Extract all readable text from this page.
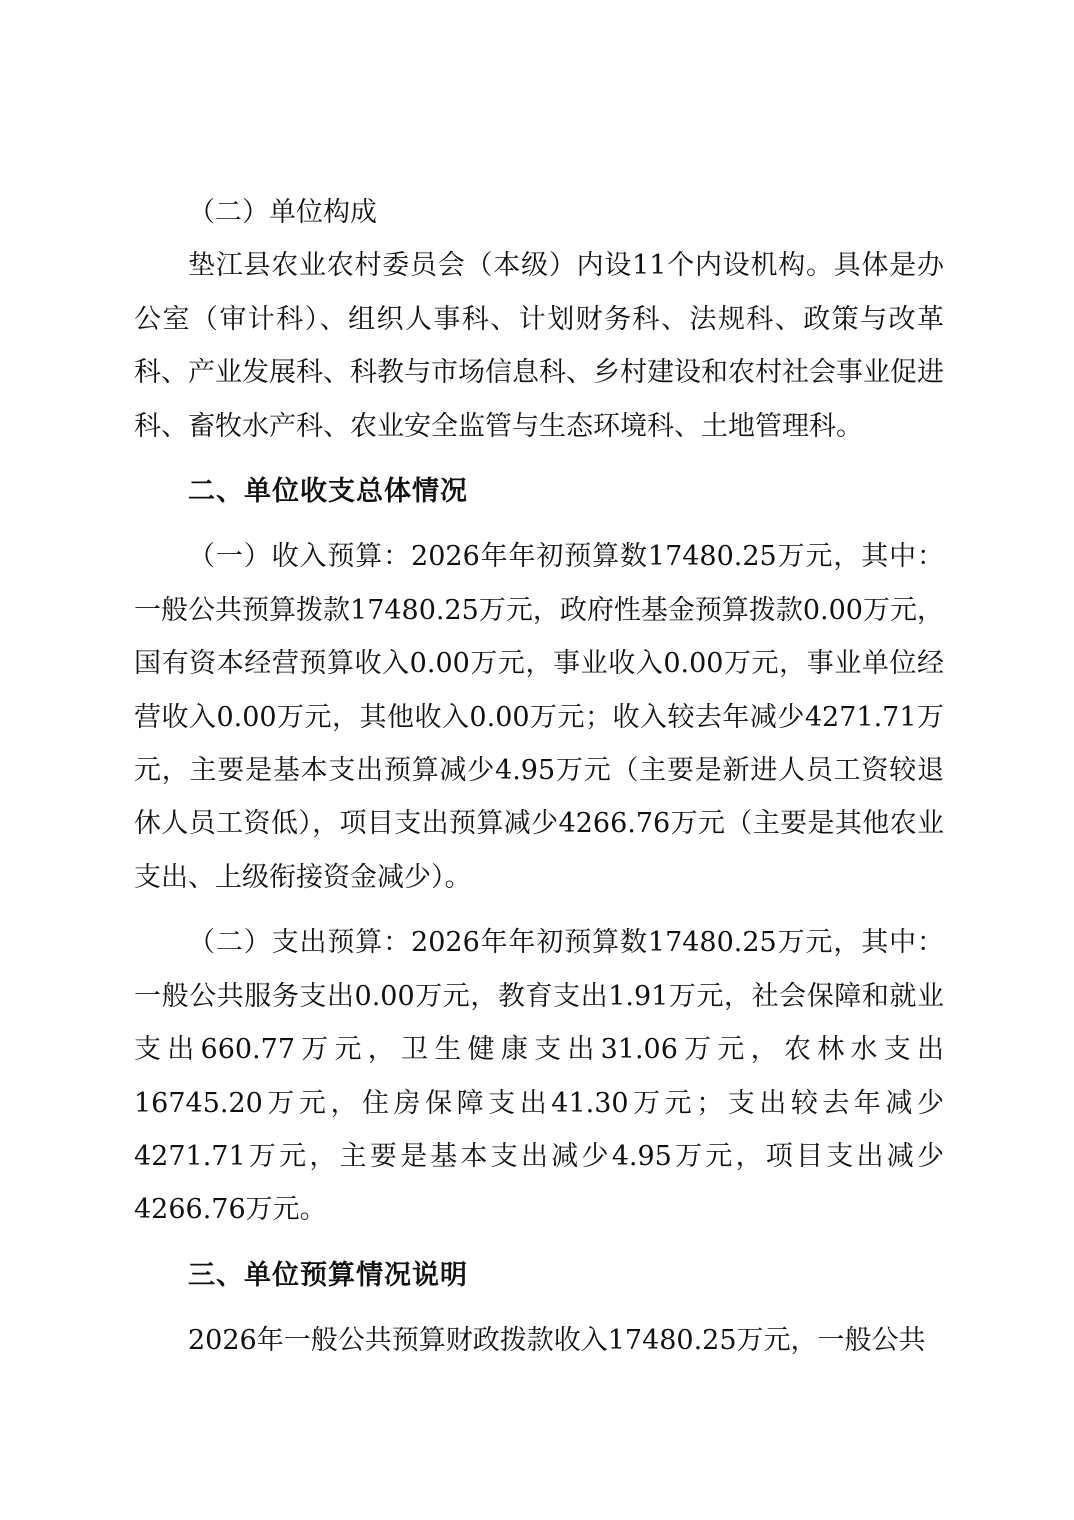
（二）单位构成

垫江县农业农村委员会（本级）内设11个内设机构。具体是办公室（审计科）、组织人事科、计划财务科、法规科、政策与改革科、产业发展科、科教与市场信息科、乡村建设和农村社会事业促进科、畜牧水产科、农业安全监管与生态环境科、土地管理科。

二、单位收支总体情况

（一）收入预算：2026年年初预算数17480.25万元，其中：一般公共预算拨款17480.25万元，政府性基金预算拨款0.00万元，国有资本经营预算收入0.00万元，事业收入0.00万元，事业单位经营收入0.00万元，其他收入0.00万元；收入较去年减少4271.71万元，主要是基本支出预算减少4.95万元（主要是新进人员工资较退休人员工资低），项目支出预算减少4266.76万元（主要是其他农业支出、上级衔接资金减少）。

（二）支出预算：2026年年初预算数17480.25万元，其中：一般公共服务支出0.00万元，教育支出1.91万元，社会保障和就业支出660.77万元，卫生健康支出31.06万元，农林水支出16745.20万元，住房保障支出41.30万元；支出较去年减少4271.71万元，主要是基本支出减少4.95万元，项目支出减少4266.76万元。

三、单位预算情况说明

2026年一般公共预算财政拨款收入17480.25万元，一般公共
